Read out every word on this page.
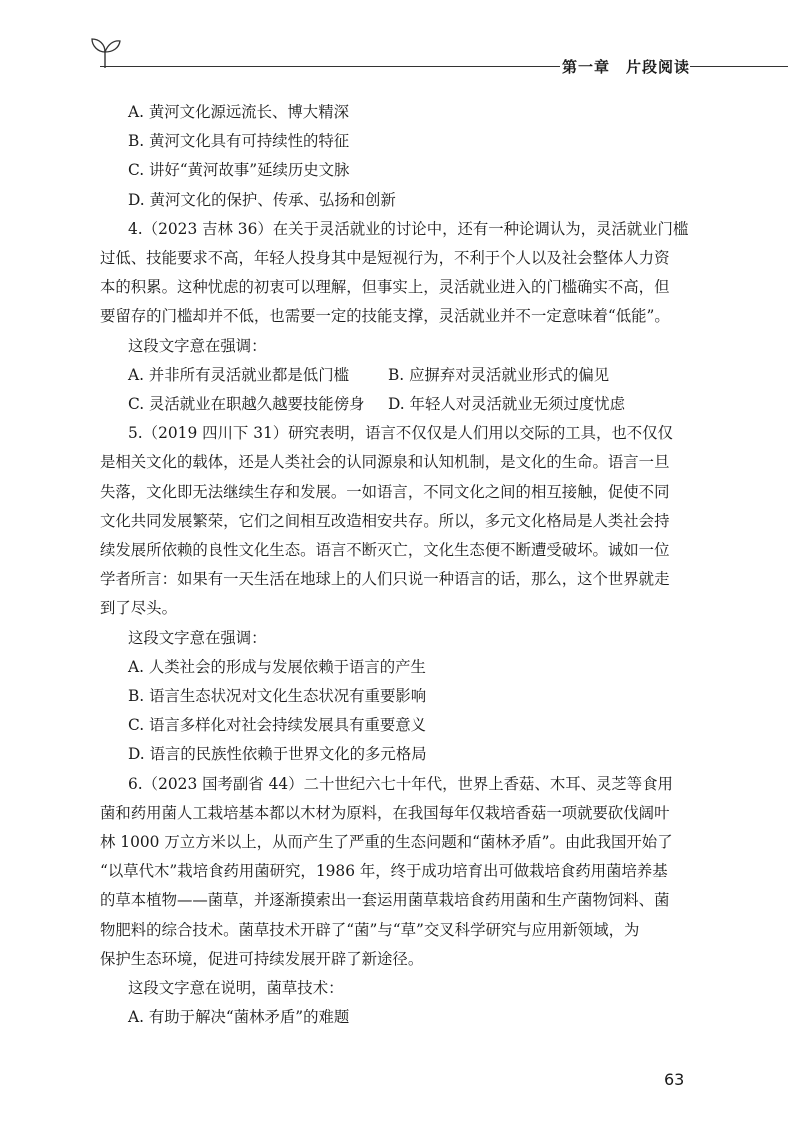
第一章　片段阅读

A. 黄河文化源远流长、博大精深

B. 黄河文化具有可持续性的特征

C. 讲好“黄河故事”延续历史文脉

D. 黄河文化的保护、传承、弘扬和创新

4.（2023 吉林 36）在关于灵活就业的讨论中，还有一种论调认为，灵活就业门槛

过低、技能要求不高，年轻人投身其中是短视行为，不利于个人以及社会整体人力资

本的积累。这种忧虑的初衷可以理解，但事实上，灵活就业进入的门槛确实不高，但

要留存的门槛却并不低，也需要一定的技能支撑，灵活就业并不一定意味着“低能”。

这段文字意在强调：

A. 并非所有灵活就业都是低门槛	B. 应摒弃对灵活就业形式的偏见
C. 灵活就业在职越久越要技能傍身	D. 年轻人对灵活就业无须过度忧虑

5.（2019 四川下 31）研究表明，语言不仅仅是人们用以交际的工具，也不仅仅

是相关文化的载体，还是人类社会的认同源泉和认知机制，是文化的生命。语言一旦

失落，文化即无法继续生存和发展。一如语言，不同文化之间的相互接触，促使不同

文化共同发展繁荣，它们之间相互改造相安共存。所以，多元文化格局是人类社会持

续发展所依赖的良性文化生态。语言不断灭亡，文化生态便不断遭受破坏。诚如一位

学者所言：如果有一天生活在地球上的人们只说一种语言的话，那么，这个世界就走

到了尽头。

这段文字意在强调：

A. 人类社会的形成与发展依赖于语言的产生

B. 语言生态状况对文化生态状况有重要影响

C. 语言多样化对社会持续发展具有重要意义

D. 语言的民族性依赖于世界文化的多元格局

6.（2023 国考副省 44）二十世纪六七十年代，世界上香菇、木耳、灵芝等食用

菌和药用菌人工栽培基本都以木材为原料，在我国每年仅栽培香菇一项就要砍伐阔叶

林 1000 万立方米以上，从而产生了严重的生态问题和“菌林矛盾”。由此我国开始了

“以草代木”栽培食药用菌研究，1986 年，终于成功培育出可做栽培食药用菌培养基

的草本植物——菌草，并逐渐摸索出一套运用菌草栽培食药用菌和生产菌物饲料、菌

物肥料的综合技术。菌草技术开辟了“菌”与“草”交叉科学研究与应用新领域，为

保护生态环境，促进可持续发展开辟了新途径。

这段文字意在说明，菌草技术：

A. 有助于解决“菌林矛盾”的难题

63
